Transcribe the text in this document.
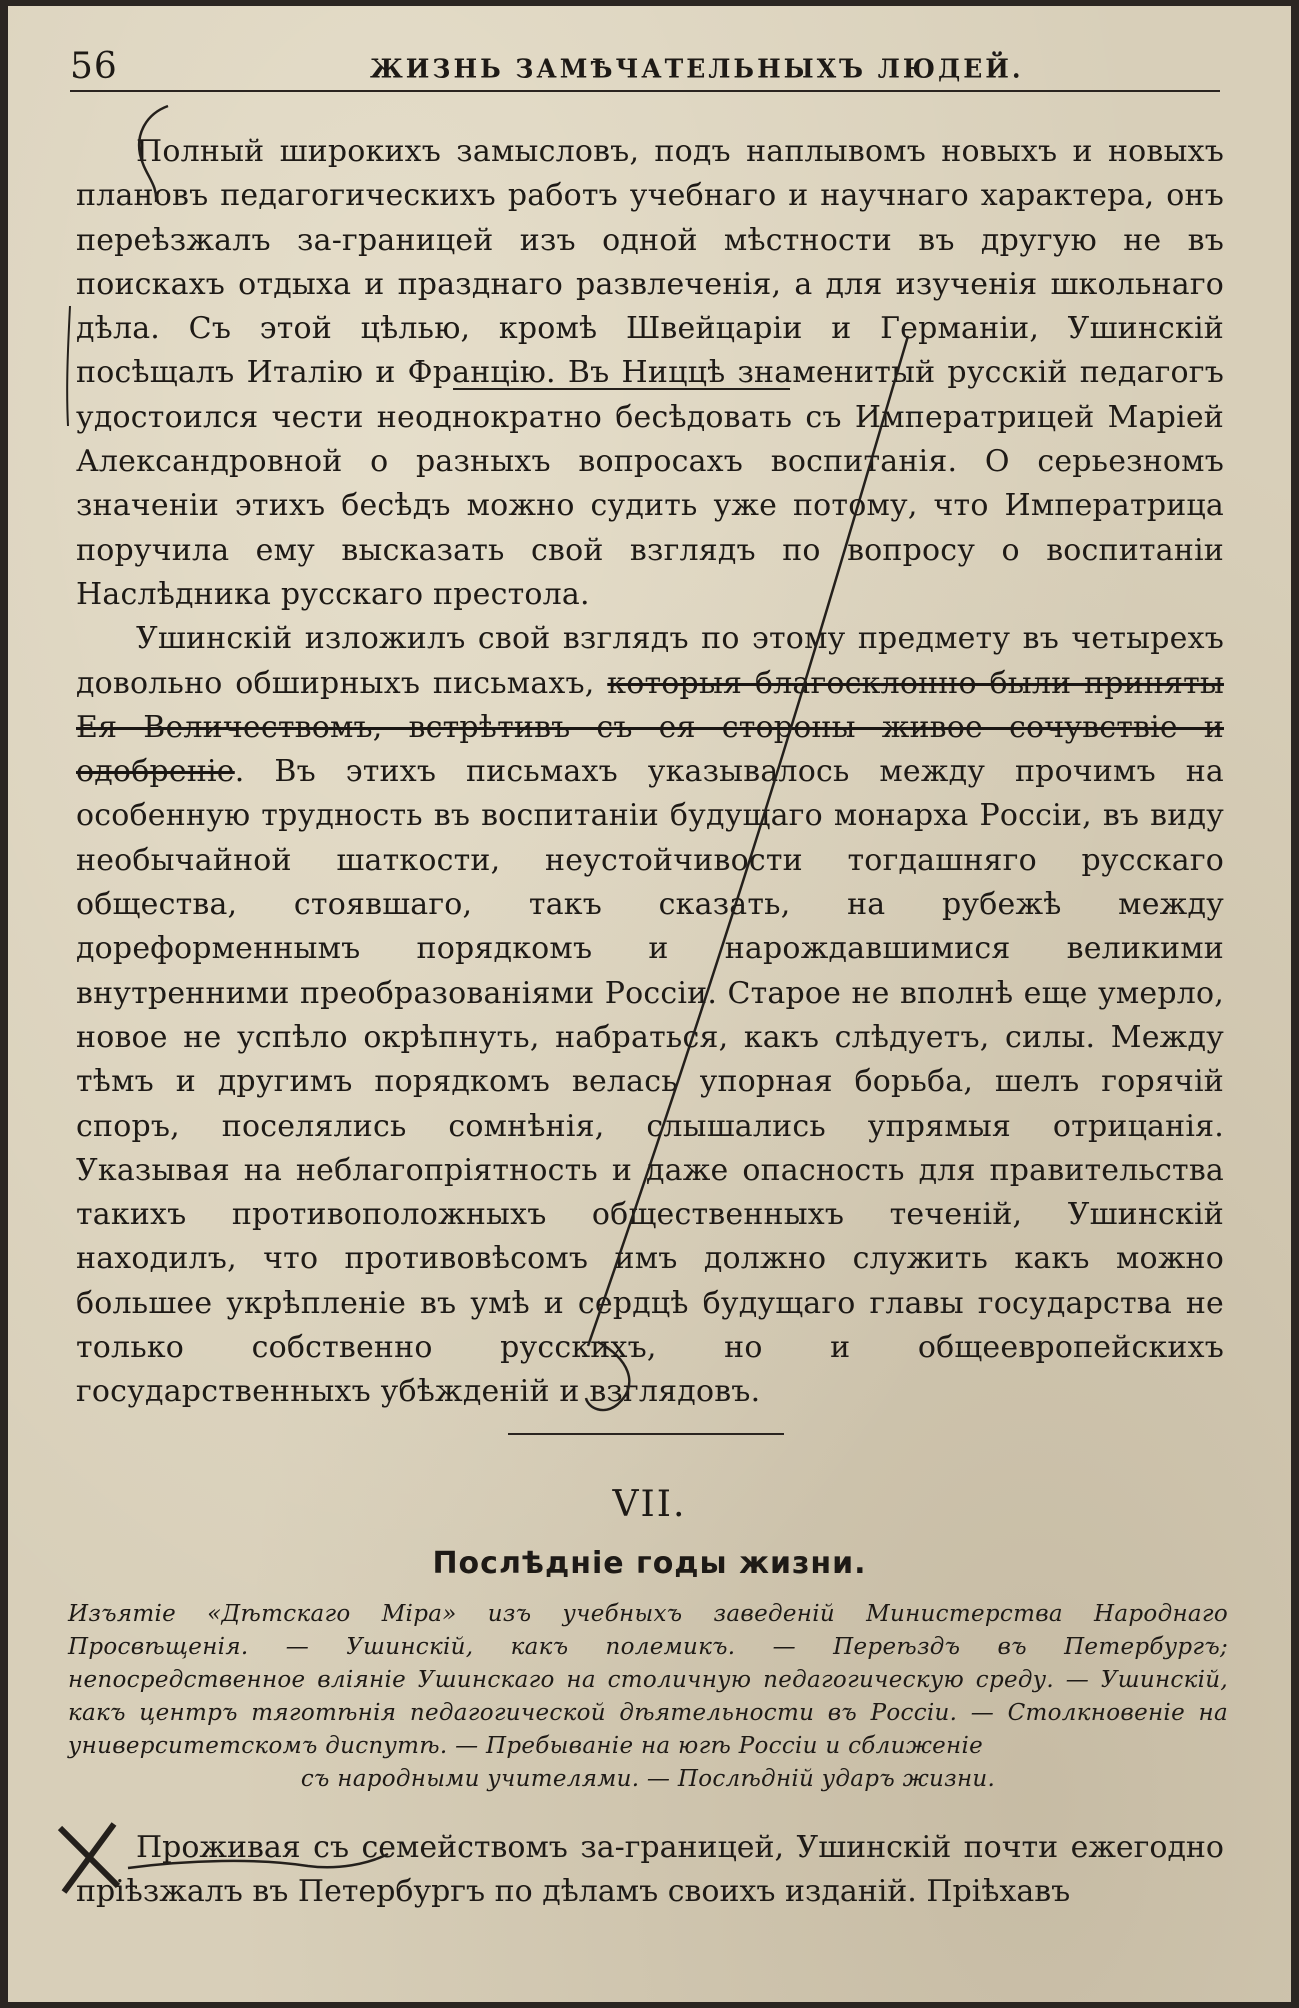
56	ЖИЗНЬ ЗАМѢЧАТЕЛЬНЫХЪ ЛЮДЕЙ.

Полный широкихъ замысловъ, подъ наплывомъ новыхъ и новыхъ плановъ педагогическихъ работъ учебнаго и научнаго характера, онъ переѣзжалъ за-границей изъ одной мѣстности въ другую не въ поискахъ отдыха и празднаго развлеченія, а для изученія школьнаго дѣла. Съ этой цѣлью, кромѣ Швейцаріи и Германіи, Ушинскій посѣщалъ Италію и Францію. Въ Ниццѣ знаменитый русскій педагогъ удостоился чести неоднократно бесѣдовать съ Императрицей Маріей Александровной о разныхъ вопросахъ воспитанія. О серьезномъ значеніи этихъ бесѣдъ можно судить уже потому, что Императрица поручила ему высказать свой взглядъ по вопросу о воспитаніи Наслѣдника русскаго престола.

Ушинскій изложилъ свой взглядъ по этому предмету въ четырехъ довольно обширныхъ письмахъ, которыя благосклонно были приняты Ея Величествомъ, встрѣтивъ съ ея стороны живое сочувствіе и одобреніе. Въ этихъ письмахъ указывалось между прочимъ на особенную трудность въ воспитаніи будущаго монарха Россіи, въ виду необычайной шаткости, неустойчивости тогдашняго русскаго общества, стоявшаго, такъ сказать, на рубежѣ между дореформеннымъ порядкомъ и нарождавшимися великими внутренними преобразованіями Россіи. Старое не вполнѣ еще умерло, новое не успѣло окрѣпнуть, набраться, какъ слѣдуетъ, силы. Между тѣмъ и другимъ порядкомъ велась упорная борьба, шелъ горячій споръ, поселялись сомнѣнія, слышались упрямыя отрицанія. Указывая на неблагопріятность и даже опасность для правительства такихъ противоположныхъ общественныхъ теченій, Ушинскій находилъ, что противовѣсомъ имъ должно служить какъ можно большее укрѣпленіе въ умѣ и сердцѣ будущаго главы государства не только собственно русскихъ, но и общеевропейскихъ государственныхъ убѣжденій и взглядовъ.

VII.
Послѣдніе годы жизни.
Изъятіе «Дѣтскаго Міра» изъ учебныхъ заведеній Министерства Народнаго Просвѣщенія. — Ушинскій, какъ полемикъ. — Переѣздъ въ Петербургъ; непосредственное вліяніе Ушинскаго на столичную педагогическую среду. — Ушинскій, какъ центръ тяготѣнія педагогической дѣятельности въ Россіи. — Столкновеніе на университетскомъ диспутѣ. — Пребываніе на югѣ Россіи и сближеніе
съ народными учителями. — Послѣдній ударъ жизни.

Проживая съ семействомъ за-границей, Ушинскій почти ежегодно пріѣзжалъ въ Петербургъ по дѣламъ своихъ изданій. Пріѣхавъ
